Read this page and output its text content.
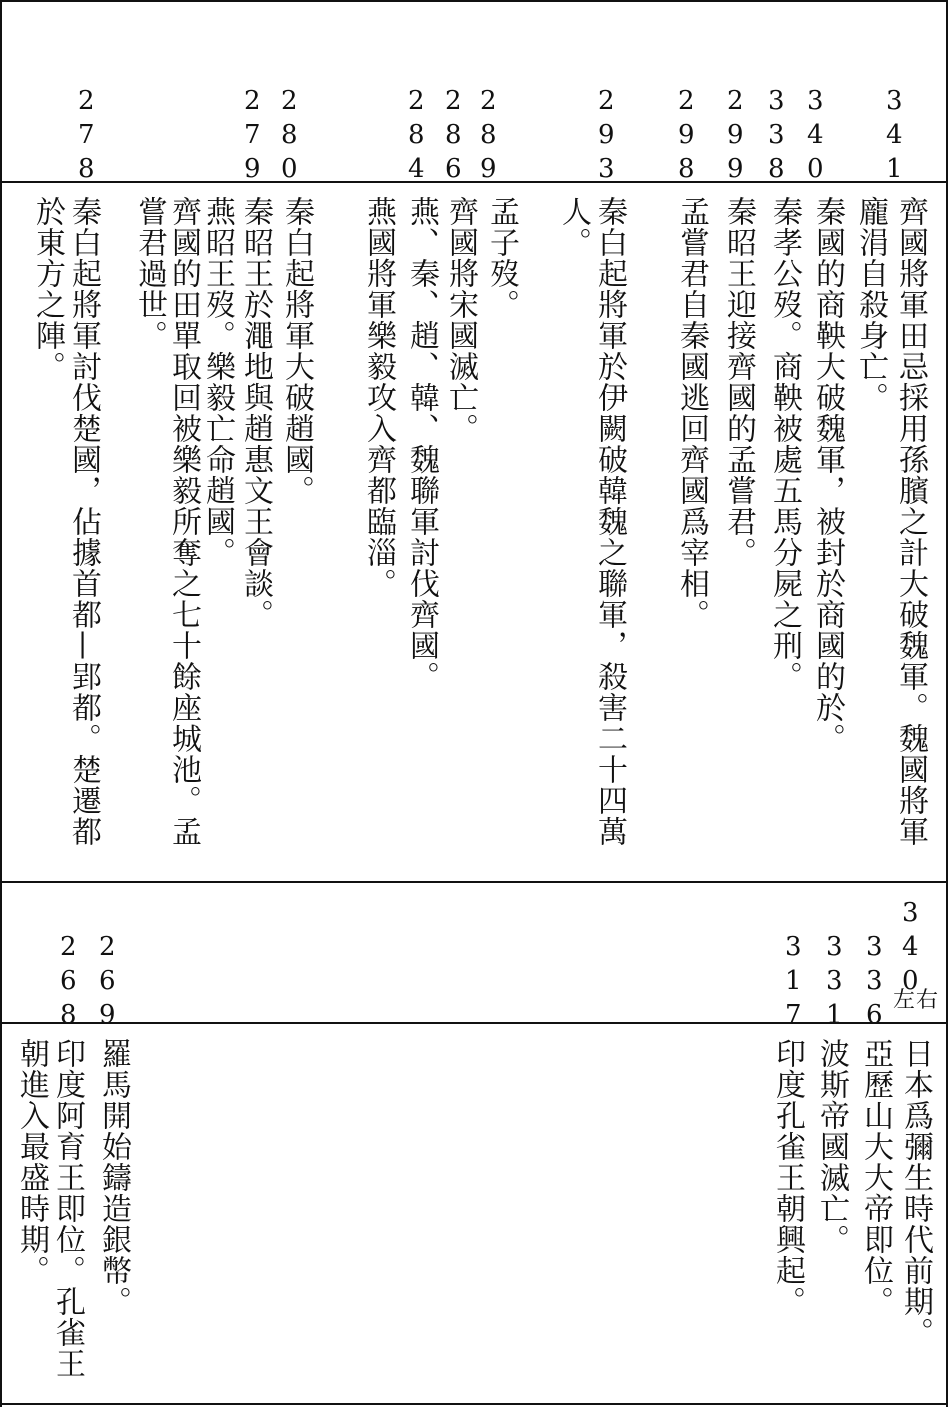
3
4
1
3
4
0
3
3
8
2
9
9
2
9
8
2
9
3
2
8
9
2
8
6
2
8
4
2
8
0
2
7
9
2
7
8
齊國將軍田忌採用孫臏之計大破魏軍。魏國將軍
龐涓自殺身亡。
秦國的商鞅大破魏軍，被封於商國的於。
秦孝公歿。商鞅被處五馬分屍之刑。
秦昭王迎接齊國的孟嘗君。
孟嘗君自秦國逃回齊國爲宰相。
秦白起將軍於伊闕破韓魏之聯軍，殺害二十四萬
人。
孟子歿。
齊國將宋國滅亡。
燕、秦、趙、韓、魏聯軍討伐齊國。
燕國將軍樂毅攻入齊都臨淄。
秦白起將軍大破趙國。
秦昭王於澠地與趙惠文王會談。
燕昭王歿。樂毅亡命趙國。
齊國的田單取回被樂毅所奪之七十餘座城池。孟
嘗君過世。
秦白起將軍討伐楚國，佔據首都—郢都。楚遷都
於東方之陣。
3
4
0
左右
3
3
6
3
3
1
3
1
7
2
6
9
2
6
8
日本爲彌生時代前期。
亞歷山大大帝即位。
波斯帝國滅亡。
印度孔雀王朝興起。
羅馬開始鑄造銀幣。
印度阿育王即位。孔雀王
朝進入最盛時期。
